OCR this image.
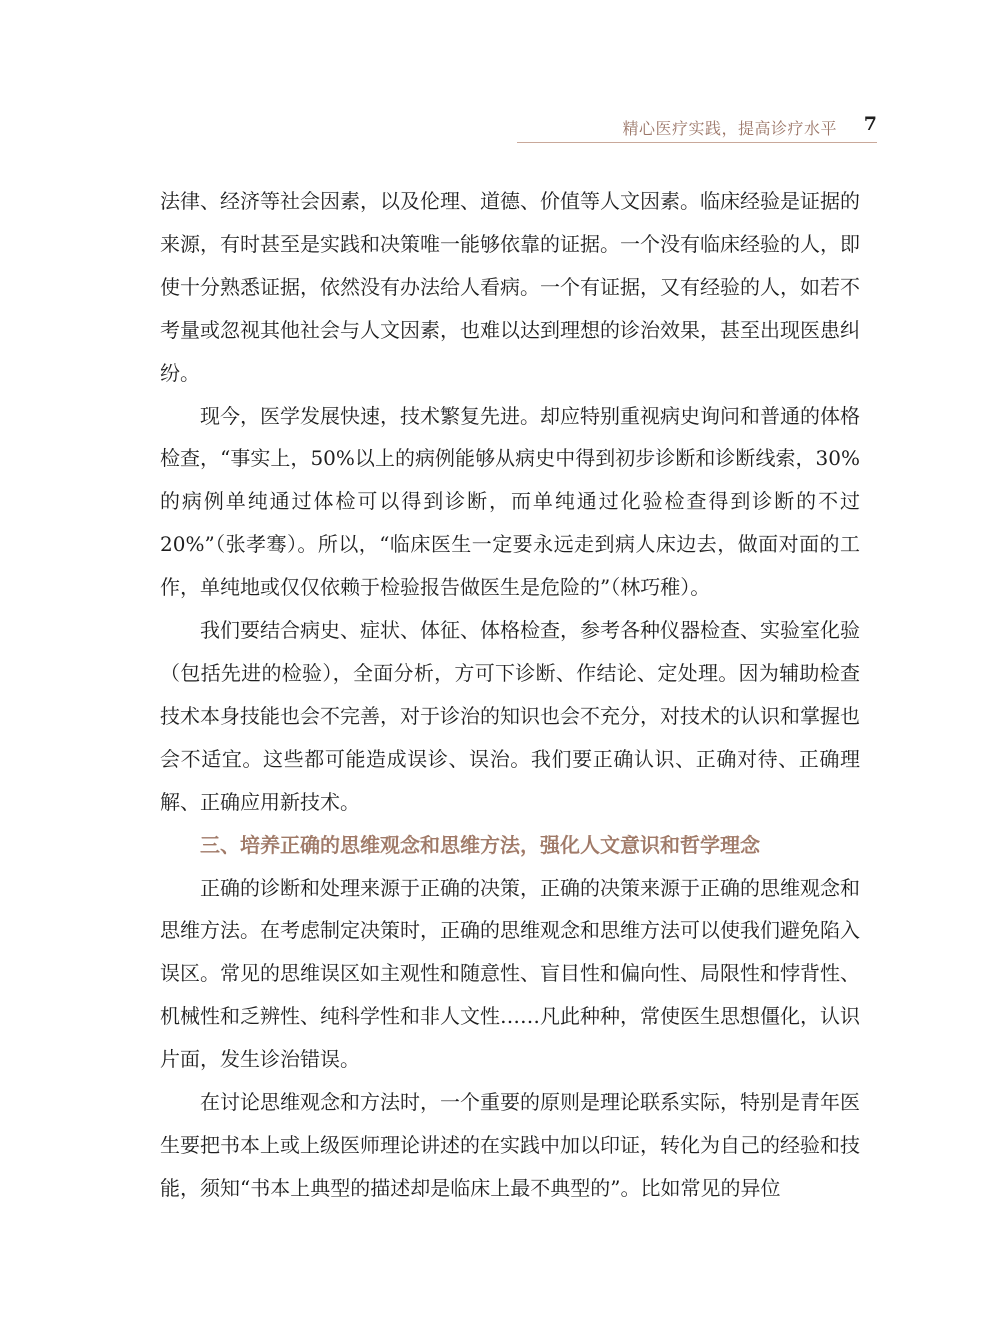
精心医疗实践，提高诊疗水平 7

法律、经济等社会因素，以及伦理、道德、价值等人文因素。临床经验是证据的来源，有时甚至是实践和决策唯一能够依靠的证据。一个没有临床经验的人，即使十分熟悉证据，依然没有办法给人看病。一个有证据，又有经验的人，如若不考量或忽视其他社会与人文因素，也难以达到理想的诊治效果，甚至出现医患纠纷。

现今，医学发展快速，技术繁复先进。却应特别重视病史询问和普通的体格检查，“事实上，50%以上的病例能够从病史中得到初步诊断和诊断线索，30%的病例单纯通过体检可以得到诊断，而单纯通过化验检查得到诊断的不过20%”（张孝骞）。所以，“临床医生一定要永远走到病人床边去，做面对面的工作，单纯地或仅仅依赖于检验报告做医生是危险的”（林巧稚）。

我们要结合病史、症状、体征、体格检查，参考各种仪器检查、实验室化验（包括先进的检验），全面分析，方可下诊断、作结论、定处理。因为辅助检查技术本身技能也会不完善，对于诊治的知识也会不充分，对技术的认识和掌握也会不适宜。这些都可能造成误诊、误治。我们要正确认识、正确对待、正确理解、正确应用新技术。

三、培养正确的思维观念和思维方法，强化人文意识和哲学理念

正确的诊断和处理来源于正确的决策，正确的决策来源于正确的思维观念和思维方法。在考虑制定决策时，正确的思维观念和思维方法可以使我们避免陷入误区。常见的思维误区如主观性和随意性、盲目性和偏向性、局限性和悖背性、机械性和乏辨性、纯科学性和非人文性……凡此种种，常使医生思想僵化，认识片面，发生诊治错误。

在讨论思维观念和方法时，一个重要的原则是理论联系实际，特别是青年医生要把书本上或上级医师理论讲述的在实践中加以印证，转化为自己的经验和技能，须知“书本上典型的描述却是临床上最不典型的”。比如常见的异位
